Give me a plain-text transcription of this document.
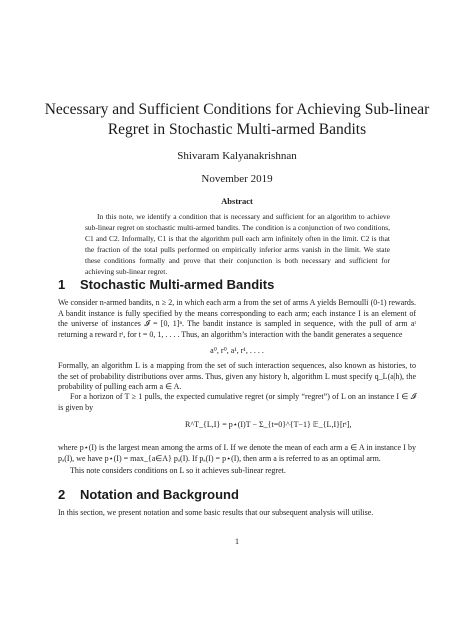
Necessary and Sufficient Conditions for Achieving Sub-linear Regret in Stochastic Multi-armed Bandits
Shivaram Kalyanakrishnan
November 2019
Abstract
In this note, we identify a condition that is necessary and sufficient for an algorithm to achieve sub-linear regret on stochastic multi-armed bandits. The condition is a conjunction of two conditions, C1 and C2. Informally, C1 is that the algorithm pull each arm infinitely often in the limit. C2 is that the fraction of the total pulls performed on empirically inferior arms vanish in the limit. We state these conditions formally and prove that their conjunction is both necessary and sufficient for achieving sub-linear regret.
1 Stochastic Multi-armed Bandits
We consider n-armed bandits, n ≥ 2, in which each arm a from the set of arms A yields Bernoulli (0-1) rewards. A bandit instance is fully specified by the means corresponding to each arm; each instance I is an element of the universe of instances 𝓘 = [0, 1]ⁿ. The bandit instance is sampled in sequence, with the pull of arm aᵗ returning a reward rᵗ, for t = 0, 1, . . . . Thus, an algorithm’s interaction with the bandit generates a sequence
a⁰, r⁰, a¹, r¹, . . . .
Formally, an algorithm L is a mapping from the set of such interaction sequences, also known as histories, to the set of probability distributions over arms. Thus, given any history h, algorithm L must specify q_L(a|h), the probability of pulling each arm a ∈ A.
For a horizon of T ≥ 1 pulls, the expected cumulative regret (or simply “regret”) of L on an instance I ∈ 𝓘 is given by
R^T_{L,I} = p⋆(I)T − Σ_{t=0}^{T−1} 𝔼_{L,I}[rᵗ],
where p⋆(I) is the largest mean among the arms of I. If we denote the mean of each arm a ∈ A in instance I by pₐ(I), we have p⋆(I) = max_{a∈A} pₐ(I). If pₐ(I) = p⋆(I), then arm a is referred to as an optimal arm.
This note considers conditions on L so it achieves sub-linear regret.
2 Notation and Background
In this section, we present notation and some basic results that our subsequent analysis will utilise.
1
